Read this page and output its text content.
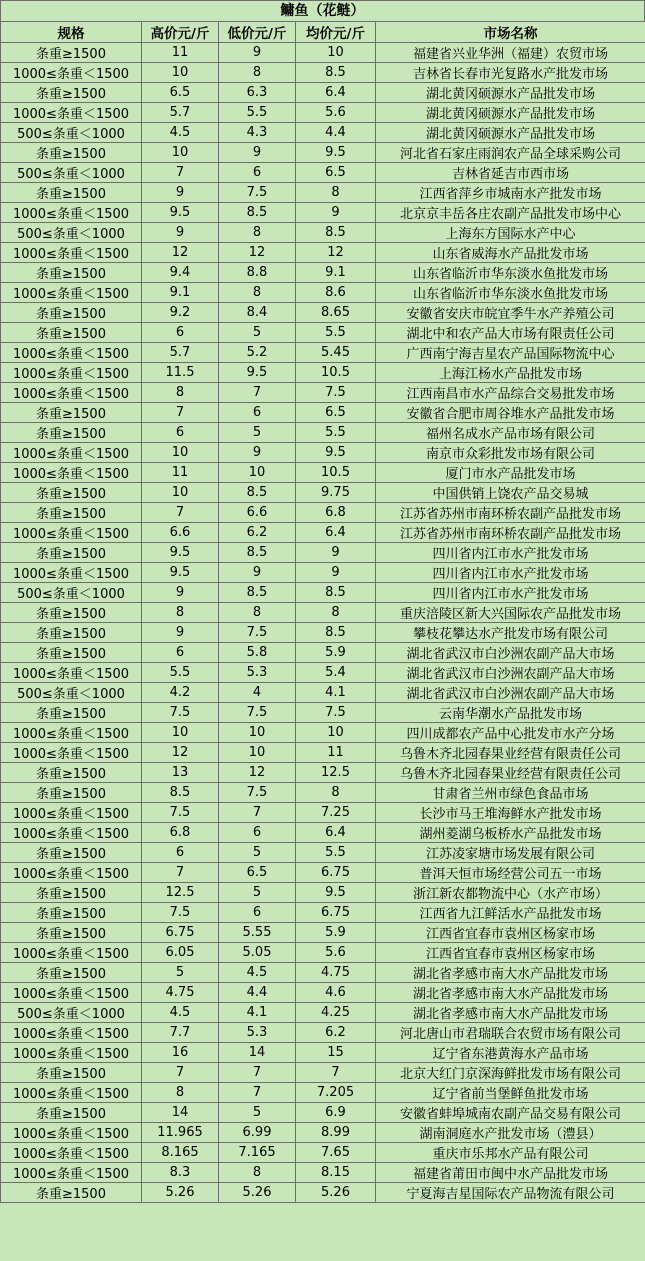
鳙鱼（花鲢）
规格	高价元/斤	低价元/斤	均价元/斤	市场名称
条重≥1500	11	9	10	福建省兴业华洲（福建）农贸市场
1000≤条重＜1500	10	8	8.5	吉林省长春市光复路水产批发市场
条重≥1500	6.5	6.3	6.4	湖北黄冈硕源水产品批发市场
1000≤条重＜1500	5.7	5.5	5.6	湖北黄冈硕源水产品批发市场
500≤条重＜1000	4.5	4.3	4.4	湖北黄冈硕源水产品批发市场
条重≥1500	10	9	9.5	河北省石家庄雨润农产品全球采购公司
500≤条重＜1000	7	6	6.5	吉林省延吉市西市场
条重≥1500	9	7.5	8	江西省萍乡市城南水产批发市场
1000≤条重＜1500	9.5	8.5	9	北京京丰岳各庄农副产品批发市场中心
500≤条重＜1000	9	8	8.5	上海东方国际水产中心
1000≤条重＜1500	12	12	12	山东省威海水产品批发市场
条重≥1500	9.4	8.8	9.1	山东省临沂市华东淡水鱼批发市场
1000≤条重＜1500	9.1	8	8.6	山东省临沂市华东淡水鱼批发市场
条重≥1500	9.2	8.4	8.65	安徽省安庆市皖宜季牛水产养殖公司
条重≥1500	6	5	5.5	湖北中和农产品大市场有限责任公司
1000≤条重＜1500	5.7	5.2	5.45	广西南宁海吉星农产品国际物流中心
1000≤条重＜1500	11.5	9.5	10.5	上海江杨水产品批发市场
1000≤条重＜1500	8	7	7.5	江西南昌市水产品综合交易批发市场
条重≥1500	7	6	6.5	安徽省合肥市周谷堆水产品批发市场
条重≥1500	6	5	5.5	福州名成水产品市场有限公司
1000≤条重＜1500	10	9	9.5	南京市众彩批发市场有限公司
1000≤条重＜1500	11	10	10.5	厦门市水产品批发市场
条重≥1500	10	8.5	9.75	中国供销上饶农产品交易城
条重≥1500	7	6.6	6.8	江苏省苏州市南环桥农副产品批发市场
1000≤条重＜1500	6.6	6.2	6.4	江苏省苏州市南环桥农副产品批发市场
条重≥1500	9.5	8.5	9	四川省内江市水产批发市场
1000≤条重＜1500	9.5	9	9	四川省内江市水产批发市场
500≤条重＜1000	9	8.5	8.5	四川省内江市水产批发市场
条重≥1500	8	8	8	重庆涪陵区新大兴国际农产品批发市场
条重≥1500	9	7.5	8.5	攀枝花攀达水产批发市场有限公司
条重≥1500	6	5.8	5.9	湖北省武汉市白沙洲农副产品大市场
1000≤条重＜1500	5.5	5.3	5.4	湖北省武汉市白沙洲农副产品大市场
500≤条重＜1000	4.2	4	4.1	湖北省武汉市白沙洲农副产品大市场
条重≥1500	7.5	7.5	7.5	云南华潮水产品批发市场
1000≤条重＜1500	10	10	10	四川成都农产品中心批发市水产分场
1000≤条重＜1500	12	10	11	乌鲁木齐北园春果业经营有限责任公司
条重≥1500	13	12	12.5	乌鲁木齐北园春果业经营有限责任公司
条重≥1500	8.5	7.5	8	甘肃省兰州市绿色食品市场
1000≤条重＜1500	7.5	7	7.25	长沙市马王堆海鲜水产批发市场
1000≤条重＜1500	6.8	6	6.4	湖州菱湖乌板桥水产品批发市场
条重≥1500	6	5	5.5	江苏凌家塘市场发展有限公司
1000≤条重＜1500	7	6.5	6.75	普洱天恒市场经营公司五一市场
条重≥1500	12.5	5	9.5	浙江新农都物流中心（水产市场）
条重≥1500	7.5	6	6.75	江西省九江鲜活水产品批发市场
条重≥1500	6.75	5.55	5.9	江西省宜春市袁州区杨家市场
1000≤条重＜1500	6.05	5.05	5.6	江西省宜春市袁州区杨家市场
条重≥1500	5	4.5	4.75	湖北省孝感市南大水产品批发市场
1000≤条重＜1500	4.75	4.4	4.6	湖北省孝感市南大水产品批发市场
500≤条重＜1000	4.5	4.1	4.25	湖北省孝感市南大水产品批发市场
1000≤条重＜1500	7.7	5.3	6.2	河北唐山市君瑞联合农贸市场有限公司
1000≤条重＜1500	16	14	15	辽宁省东港黄海水产品市场
条重≥1500	7	7	7	北京大红门京深海鲜批发市场有限公司
1000≤条重＜1500	8	7	7.205	辽宁省前当堡鲜鱼批发市场
条重≥1500	14	5	6.9	安徽省蚌埠城南农副产品交易有限公司
1000≤条重＜1500	11.965	6.99	8.99	湖南洞庭水产批发市场（澧县）
1000≤条重＜1500	8.165	7.165	7.65	重庆市乐邦水产品有限公司
1000≤条重＜1500	8.3	8	8.15	福建省莆田市闽中水产品批发市场
条重≥1500	5.26	5.26	5.26	宁夏海吉星国际农产品物流有限公司
